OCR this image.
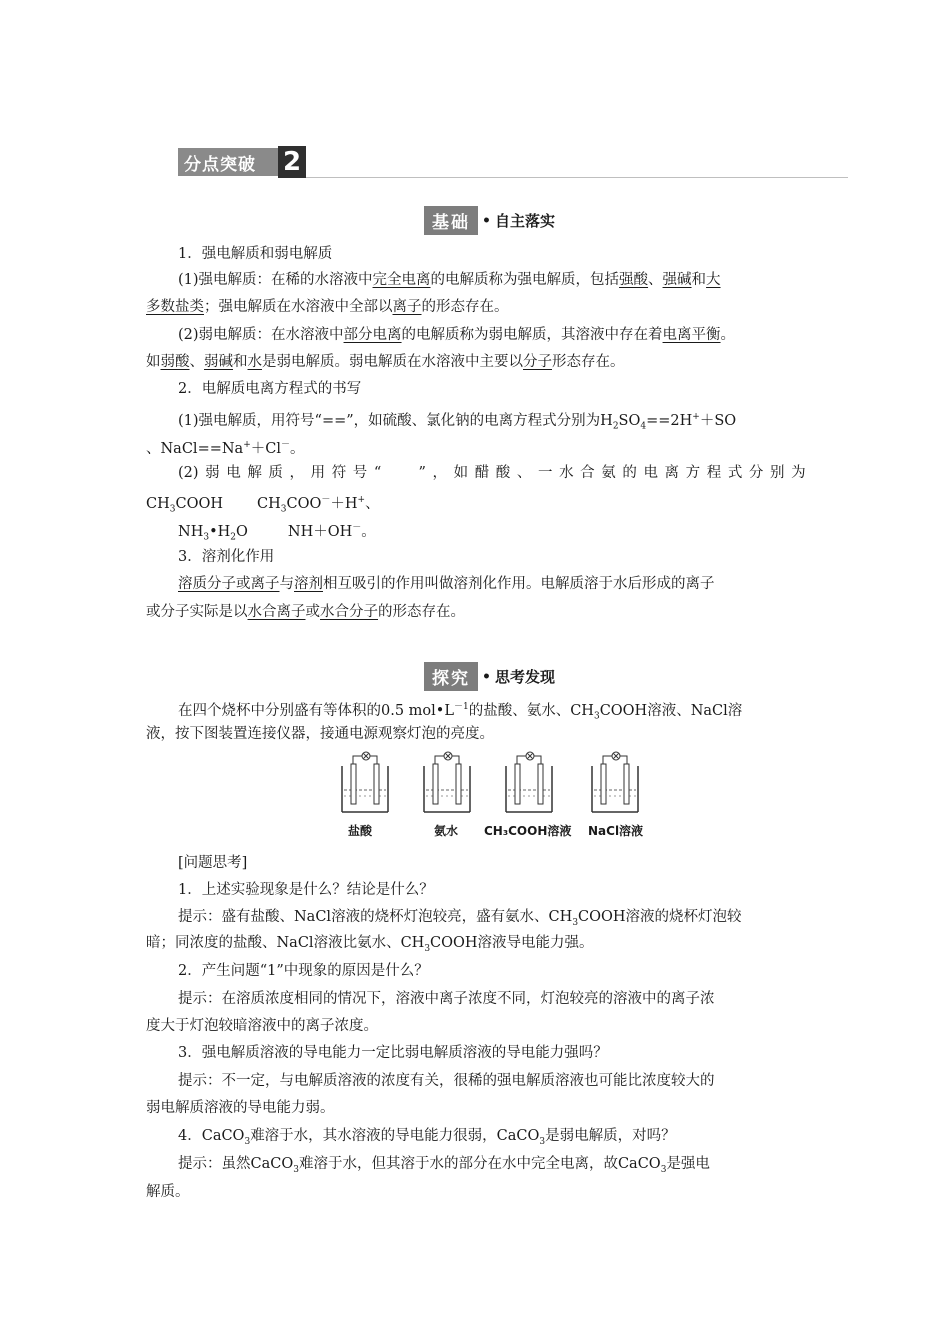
分点突破 2
基础 • 自主落实
1．强电解质和弱电解质
(1)强电解质：在稀的水溶液中完全电离的电解质称为强电解质，包括强酸、强碱和大
多数盐类；强电解质在水溶液中全部以离子的形态存在。
(2)弱电解质：在水溶液中部分电离的电解质称为弱电解质，其溶液中存在着电离平衡。
如弱酸、弱碱和水是弱电解质。弱电解质在水溶液中主要以分子形态存在。
2．电解质电离方程式的书写
(1)强电解质，用符号“==”，如硫酸、氯化钠的电离方程式分别为$H_2SO_4==2H^++SO$
、NaCl==Na+＋Cl－。
(2) 弱 电 解 质 ， 用 符 号 “	” ， 如 醋 酸 、 一 水 合 氨 的 电 离 方 程 式 分 别 为
$CH_3COOH$ $CH_3COO^-+H^+$、
$NH_3•H_2O$	NH＋OH－。
3．溶剂化作用
溶质分子或离子与溶剂相互吸引的作用叫做溶剂化作用。电解质溶于水后形成的离子
或分子实际是以水合离子或水合分子的形态存在。
探究 • 思考发现
在四个烧杯中分别盛有等体积的0.5 $mol•L^{-1}$的盐酸、氨水、$CH_3COOH$溶液、NaCl溶
液，按下图装置连接仪器，接通电源观察灯泡的亮度。
盐酸	氨水 CH₃COOH溶液 NaCl溶液
[问题思考]
1．上述实验现象是什么？结论是什么？
提示：盛有盐酸、NaCl溶液的烧杯灯泡较亮，盛有氨水、$CH_3COOH$溶液的烧杯灯泡较
暗；同浓度的盐酸、NaCl溶液比氨水、$CH_3COOH$溶液导电能力强。
2．产生问题“1”中现象的原因是什么？
提示：在溶质浓度相同的情况下，溶液中离子浓度不同，灯泡较亮的溶液中的离子浓
度大于灯泡较暗溶液中的离子浓度。
3．强电解质溶液的导电能力一定比弱电解质溶液的导电能力强吗？
提示：不一定，与电解质溶液的浓度有关，很稀的强电解质溶液也可能比浓度较大的
弱电解质溶液的导电能力弱。
4．CaCO$_3$难溶于水，其水溶液的导电能力很弱，CaCO$_3$是弱电解质，对吗？
提示：虽然CaCO$_3$难溶于水，但其溶于水的部分在水中完全电离，故CaCO$_3$是强电
解质。
